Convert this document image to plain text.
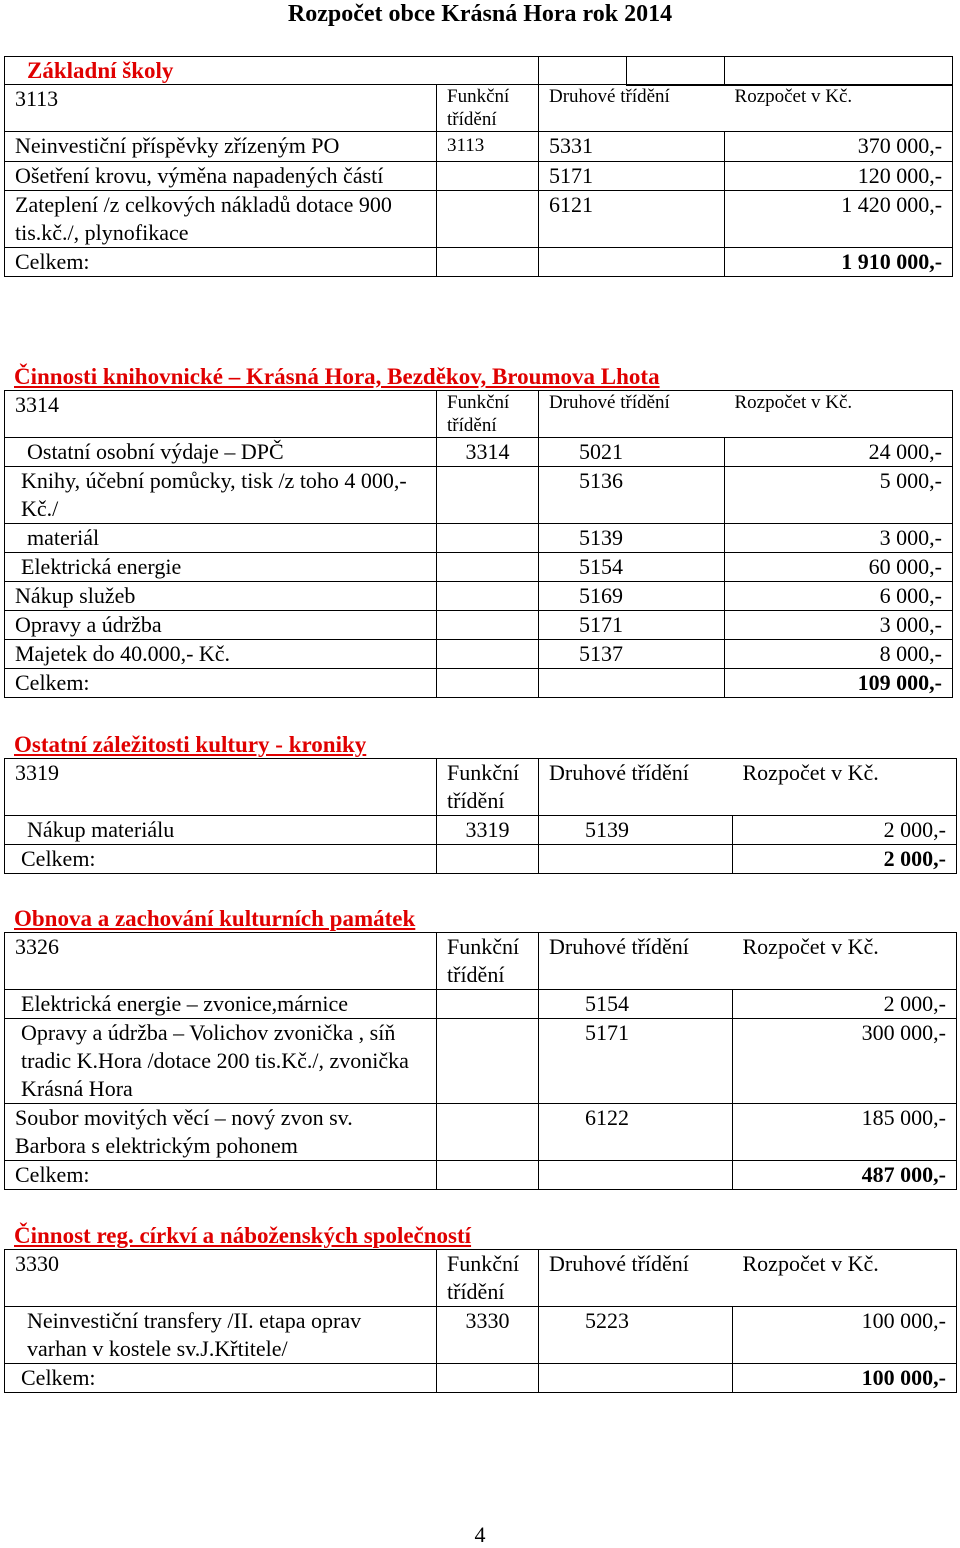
Rozpočet obce Krásná Hora rok 2014
Základní školy			
3113	Funkční třídění	Druhové třídění	Rozpočet v Kč.
Neinvestiční příspěvky zřízeným PO	3113	5331	370 000,-
Ošetření krovu, výměna napadených částí		5171	120 000,-
Zateplení /z celkových nákladů dotace 900 tis.kč./, plynofikace		6121	1 420 000,-
Celkem:			1 910 000,-
Činnosti knihovnické – Krásná Hora, Bezděkov, Broumova Lhota
3314	Funkční třídění	Druhové třídění	Rozpočet v Kč.
Ostatní osobní výdaje – DPČ	3314	5021	24 000,-
Knihy, účební pomůcky, tisk /z toho 4 000,- Kč./		5136	5 000,-
materiál		5139	3 000,-
Elektrická energie		5154	60 000,-
Nákup služeb		5169	6 000,-
Opravy a údržba		5171	3 000,-
Majetek do 40.000,- Kč.		5137	8 000,-
Celkem:			109 000,-
Ostatní záležitosti kultury - kroniky
3319	Funkční třídění	Druhové třídění	Rozpočet v Kč.
Nákup materiálu	3319	5139	2 000,-
Celkem:			2 000,-
Obnova a zachování kulturních památek
3326	Funkční třídění	Druhové třídění	Rozpočet v Kč.
Elektrická energie – zvonice,márnice		5154	2 000,-
Opravy a údržba – Volichov zvonička , síň tradic K.Hora /dotace 200 tis.Kč./, zvonička Krásná Hora		5171	300 000,-
Soubor movitých věcí – nový zvon sv. Barbora s elektrickým pohonem		6122	185 000,-
Celkem:			487 000,-
Činnost reg. církví a náboženských společností
3330	Funkční třídění	Druhové třídění	Rozpočet v Kč.
Neinvestiční transfery /II. etapa oprav varhan v kostele sv.J.Křtitele/	3330	5223	100 000,-
Celkem:			100 000,-
4
